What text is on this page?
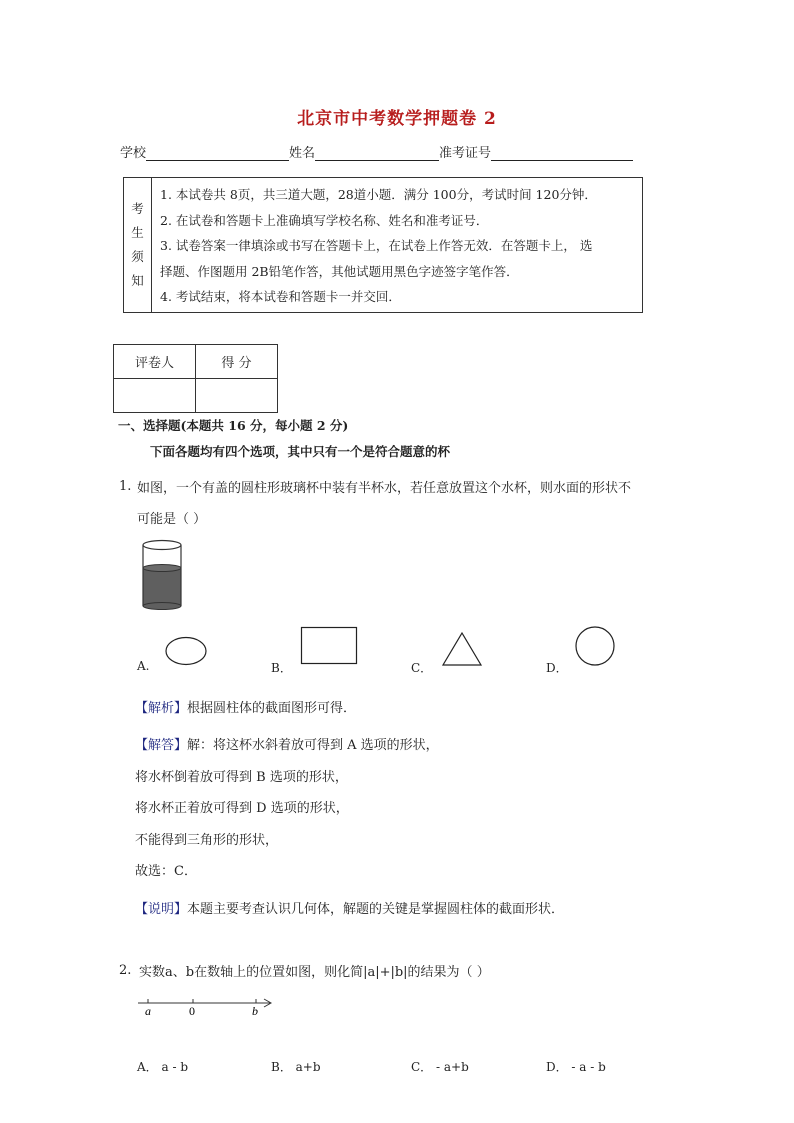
北京市中考数学押题卷 2
学校	姓名	准考证号
考
生
须
知

1. 本试卷共 8页，共三道大题，28道小题．满分 100分，考试时间 120分钟．
2. 在试卷和答题卡上准确填写学校名称、姓名和准考证号．
3. 试卷答案一律填涂或书写在答题卡上，在试卷上作答无效．在答题卡上， 选
择题、作图题用 2B铅笔作答，其他试题用黑色字迹签字笔作答．
4. 考试结束，将本试卷和答题卡一并交回．
评卷人	得 分

一、选择题(本题共 16 分，每小题 2 分)
下面各题均有四个选项，其中只有一个是符合题意的杯
1. 如图，一个有盖的圆柱形玻璃杯中装有半杯水，若任意放置这个水杯，则水面的形状不
可能是（ ）
A.	B．	C．	D．
【解析】根据圆柱体的截面图形可得．
【解答】解：将这杯水斜着放可得到 A 选项的形状，
将水杯倒着放可得到 B 选项的形状，
将水杯正着放可得到 D 选项的形状，
不能得到三角形的形状，
故选：C．
【说明】本题主要考查认识几何体，解题的关键是掌握圆柱体的截面形状．
2. 实数a、b在数轴上的位置如图，则化简|a|+|b|的结果为（ ）
a	0	b
A． a - b	B． a+b	C． - a+b	D． - a - b
